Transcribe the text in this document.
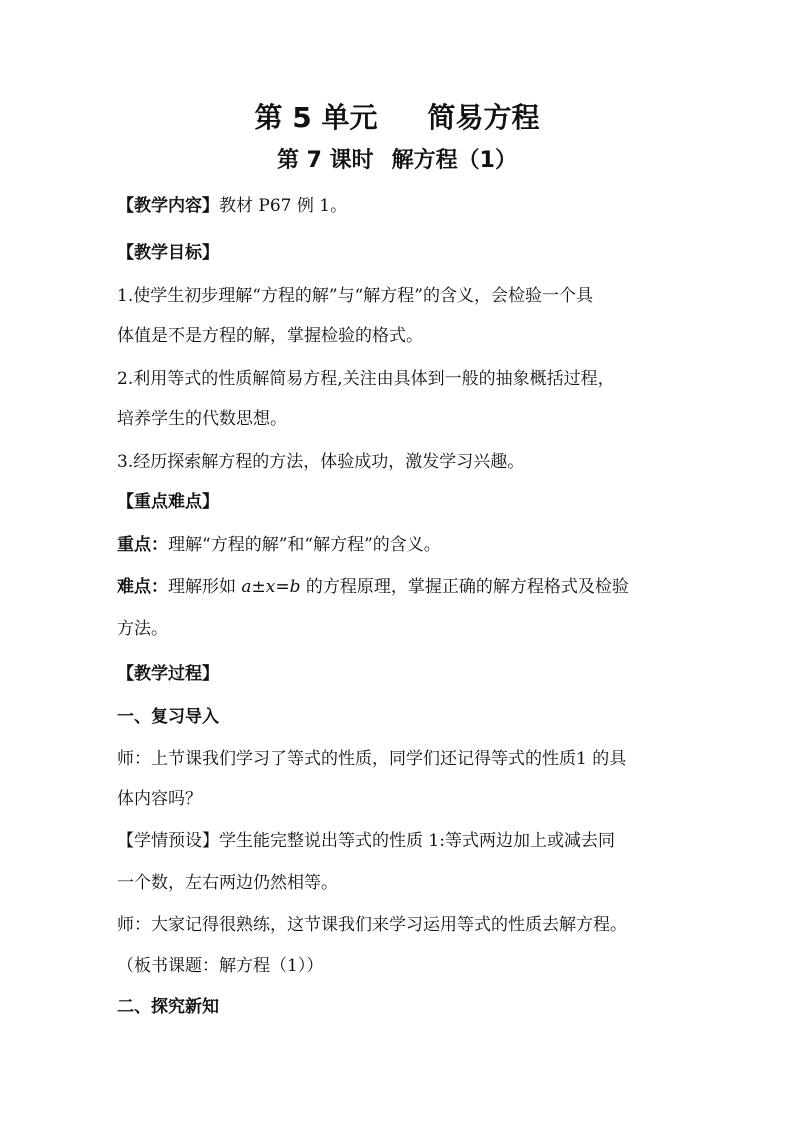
第 5 单元 简易方程
第 7 课时 解方程（1）
【教学内容】教材 P67 例 1。
【教学目标】
1.使学生初步理解“方程的解”与“解方程”的含义，会检验一个具
体值是不是方程的解，掌握检验的格式。
2.利用等式的性质解简易方程,关注由具体到一般的抽象概括过程，
培养学生的代数思想。
3.经历探索解方程的方法，体验成功，激发学习兴趣。
【重点难点】
重点：理解“方程的解”和“解方程”的含义。
难点：理解形如 a±x=b 的方程原理，掌握正确的解方程格式及检验
方法。
【教学过程】
一、复习导入
师：上节课我们学习了等式的性质，同学们还记得等式的性质1 的具
体内容吗？
【学情预设】学生能完整说出等式的性质 1:等式两边加上或减去同
一个数，左右两边仍然相等。
师：大家记得很熟练，这节课我们来学习运用等式的性质去解方程。
（板书课题：解方程（1））
二、探究新知
